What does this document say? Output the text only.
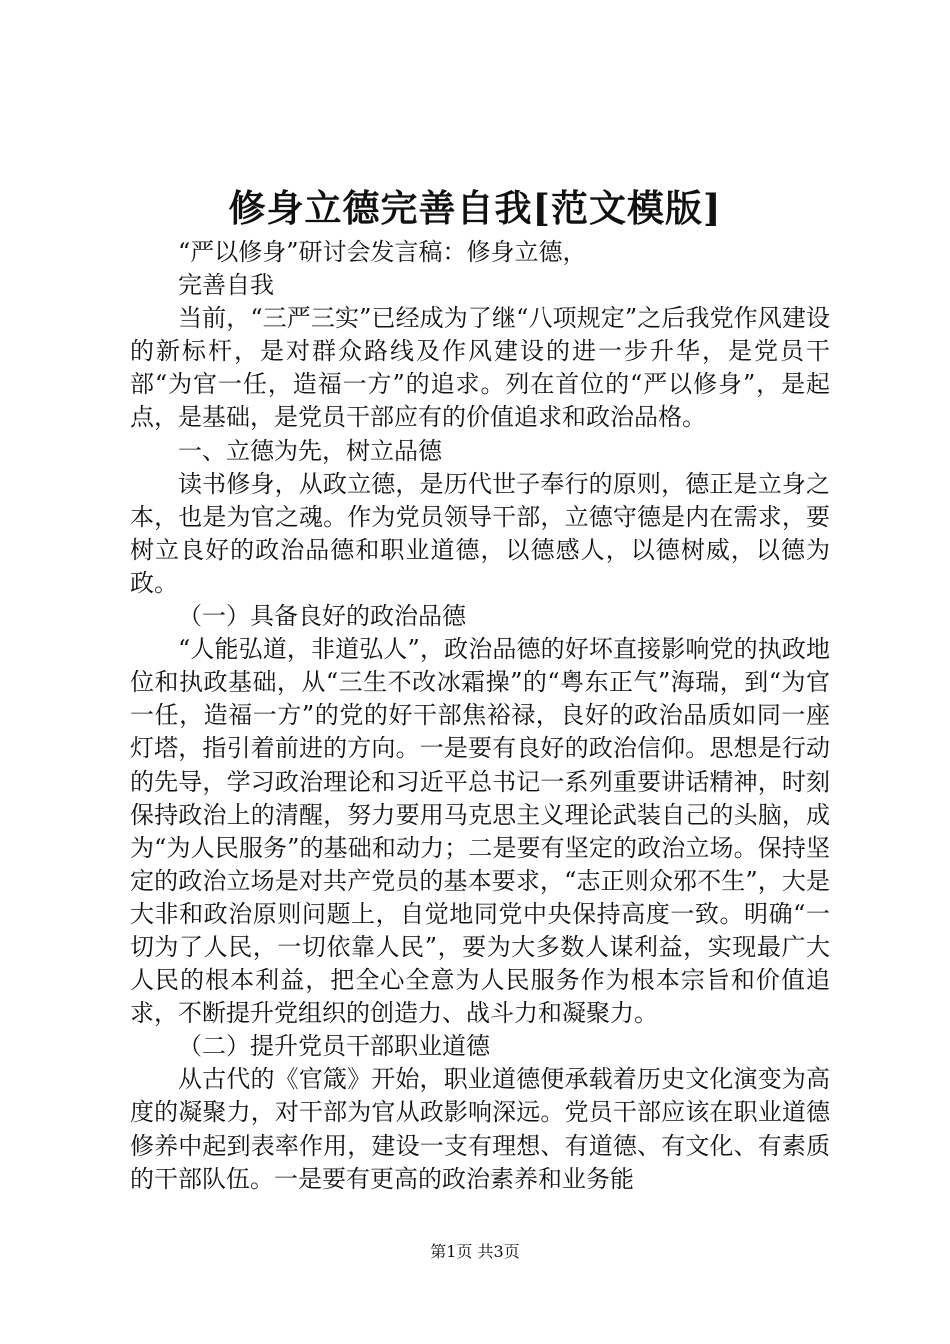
修身立德完善自我[范文模版]

“严以修身”研讨会发言稿：修身立德，

完善自我

当前，“三严三实”已经成为了继“八项规定”之后我党作风建设的新标杆，是对群众路线及作风建设的进一步升华，是党员干部“为官一任，造福一方”的追求。列在首位的“严以修身”，是起点，是基础，是党员干部应有的价值追求和政治品格。

一、立德为先，树立品德

读书修身，从政立德，是历代世子奉行的原则，德正是立身之本，也是为官之魂。作为党员领导干部，立德守德是内在需求，要树立良好的政治品德和职业道德，以德感人，以德树威，以德为政。

（一）具备良好的政治品德

“人能弘道，非道弘人”，政治品德的好坏直接影响党的执政地位和执政基础，从“三生不改冰霜操”的“粤东正气”海瑞，到“为官一任，造福一方”的党的好干部焦裕禄，良好的政治品质如同一座灯塔，指引着前进的方向。一是要有良好的政治信仰。思想是行动的先导，学习政治理论和习近平总书记一系列重要讲话精神，时刻保持政治上的清醒，努力要用马克思主义理论武装自己的头脑，成为“为人民服务”的基础和动力；二是要有坚定的政治立场。保持坚定的政治立场是对共产党员的基本要求，“志正则众邪不生”，大是大非和政治原则问题上，自觉地同党中央保持高度一致。明确“一切为了人民，一切依靠人民”，要为大多数人谋利益，实现最广大人民的根本利益，把全心全意为人民服务作为根本宗旨和价值追求，不断提升党组织的创造力、战斗力和凝聚力。

（二）提升党员干部职业道德

从古代的《官箴》开始，职业道德便承载着历史文化演变为高度的凝聚力，对干部为官从政影响深远。党员干部应该在职业道德修养中起到表率作用，建设一支有理想、有道德、有文化、有素质的干部队伍。一是要有更高的政治素养和业务能

第1页 共3页
